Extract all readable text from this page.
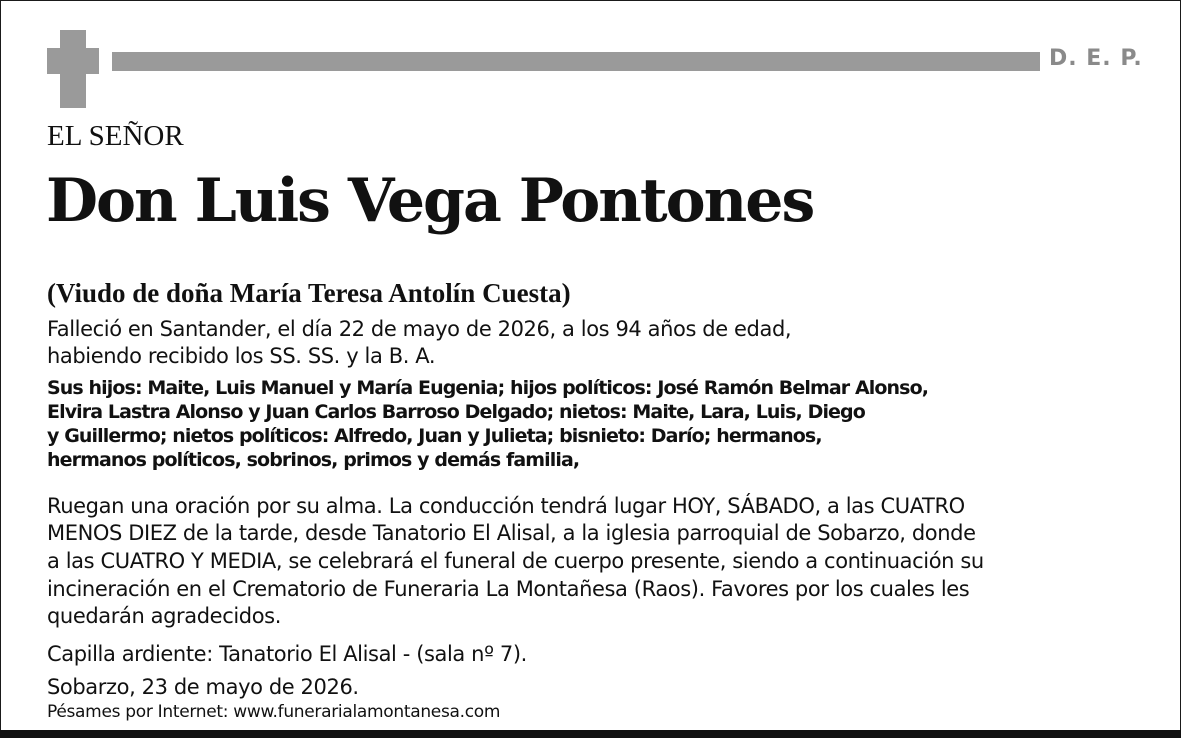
D. E. P.
EL SEÑOR
Don Luis Vega Pontones
(Viudo de doña María Teresa Antolín Cuesta)
Falleció en Santander, el día 22 de mayo de 2026, a los 94 años de edad,
habiendo recibido los SS. SS. y la B. A.
Sus hijos: Maite, Luis Manuel y María Eugenia; hijos políticos: José Ramón Belmar Alonso,
Elvira Lastra Alonso y Juan Carlos Barroso Delgado; nietos: Maite, Lara, Luis, Diego
y Guillermo; nietos políticos: Alfredo, Juan y Julieta; bisnieto: Darío; hermanos,
hermanos políticos, sobrinos, primos y demás familia,
Ruegan una oración por su alma. La conducción tendrá lugar HOY, SÁBADO, a las CUATRO
MENOS DIEZ de la tarde, desde Tanatorio El Alisal, a la iglesia parroquial de Sobarzo, donde
a las CUATRO Y MEDIA, se celebrará el funeral de cuerpo presente, siendo a continuación su
incineración en el Crematorio de Funeraria La Montañesa (Raos). Favores por los cuales les
quedarán agradecidos.
Capilla ardiente: Tanatorio El Alisal - (sala nº 7).
Sobarzo, 23 de mayo de 2026.
Pésames por Internet: www.funerarialamontanesa.com
